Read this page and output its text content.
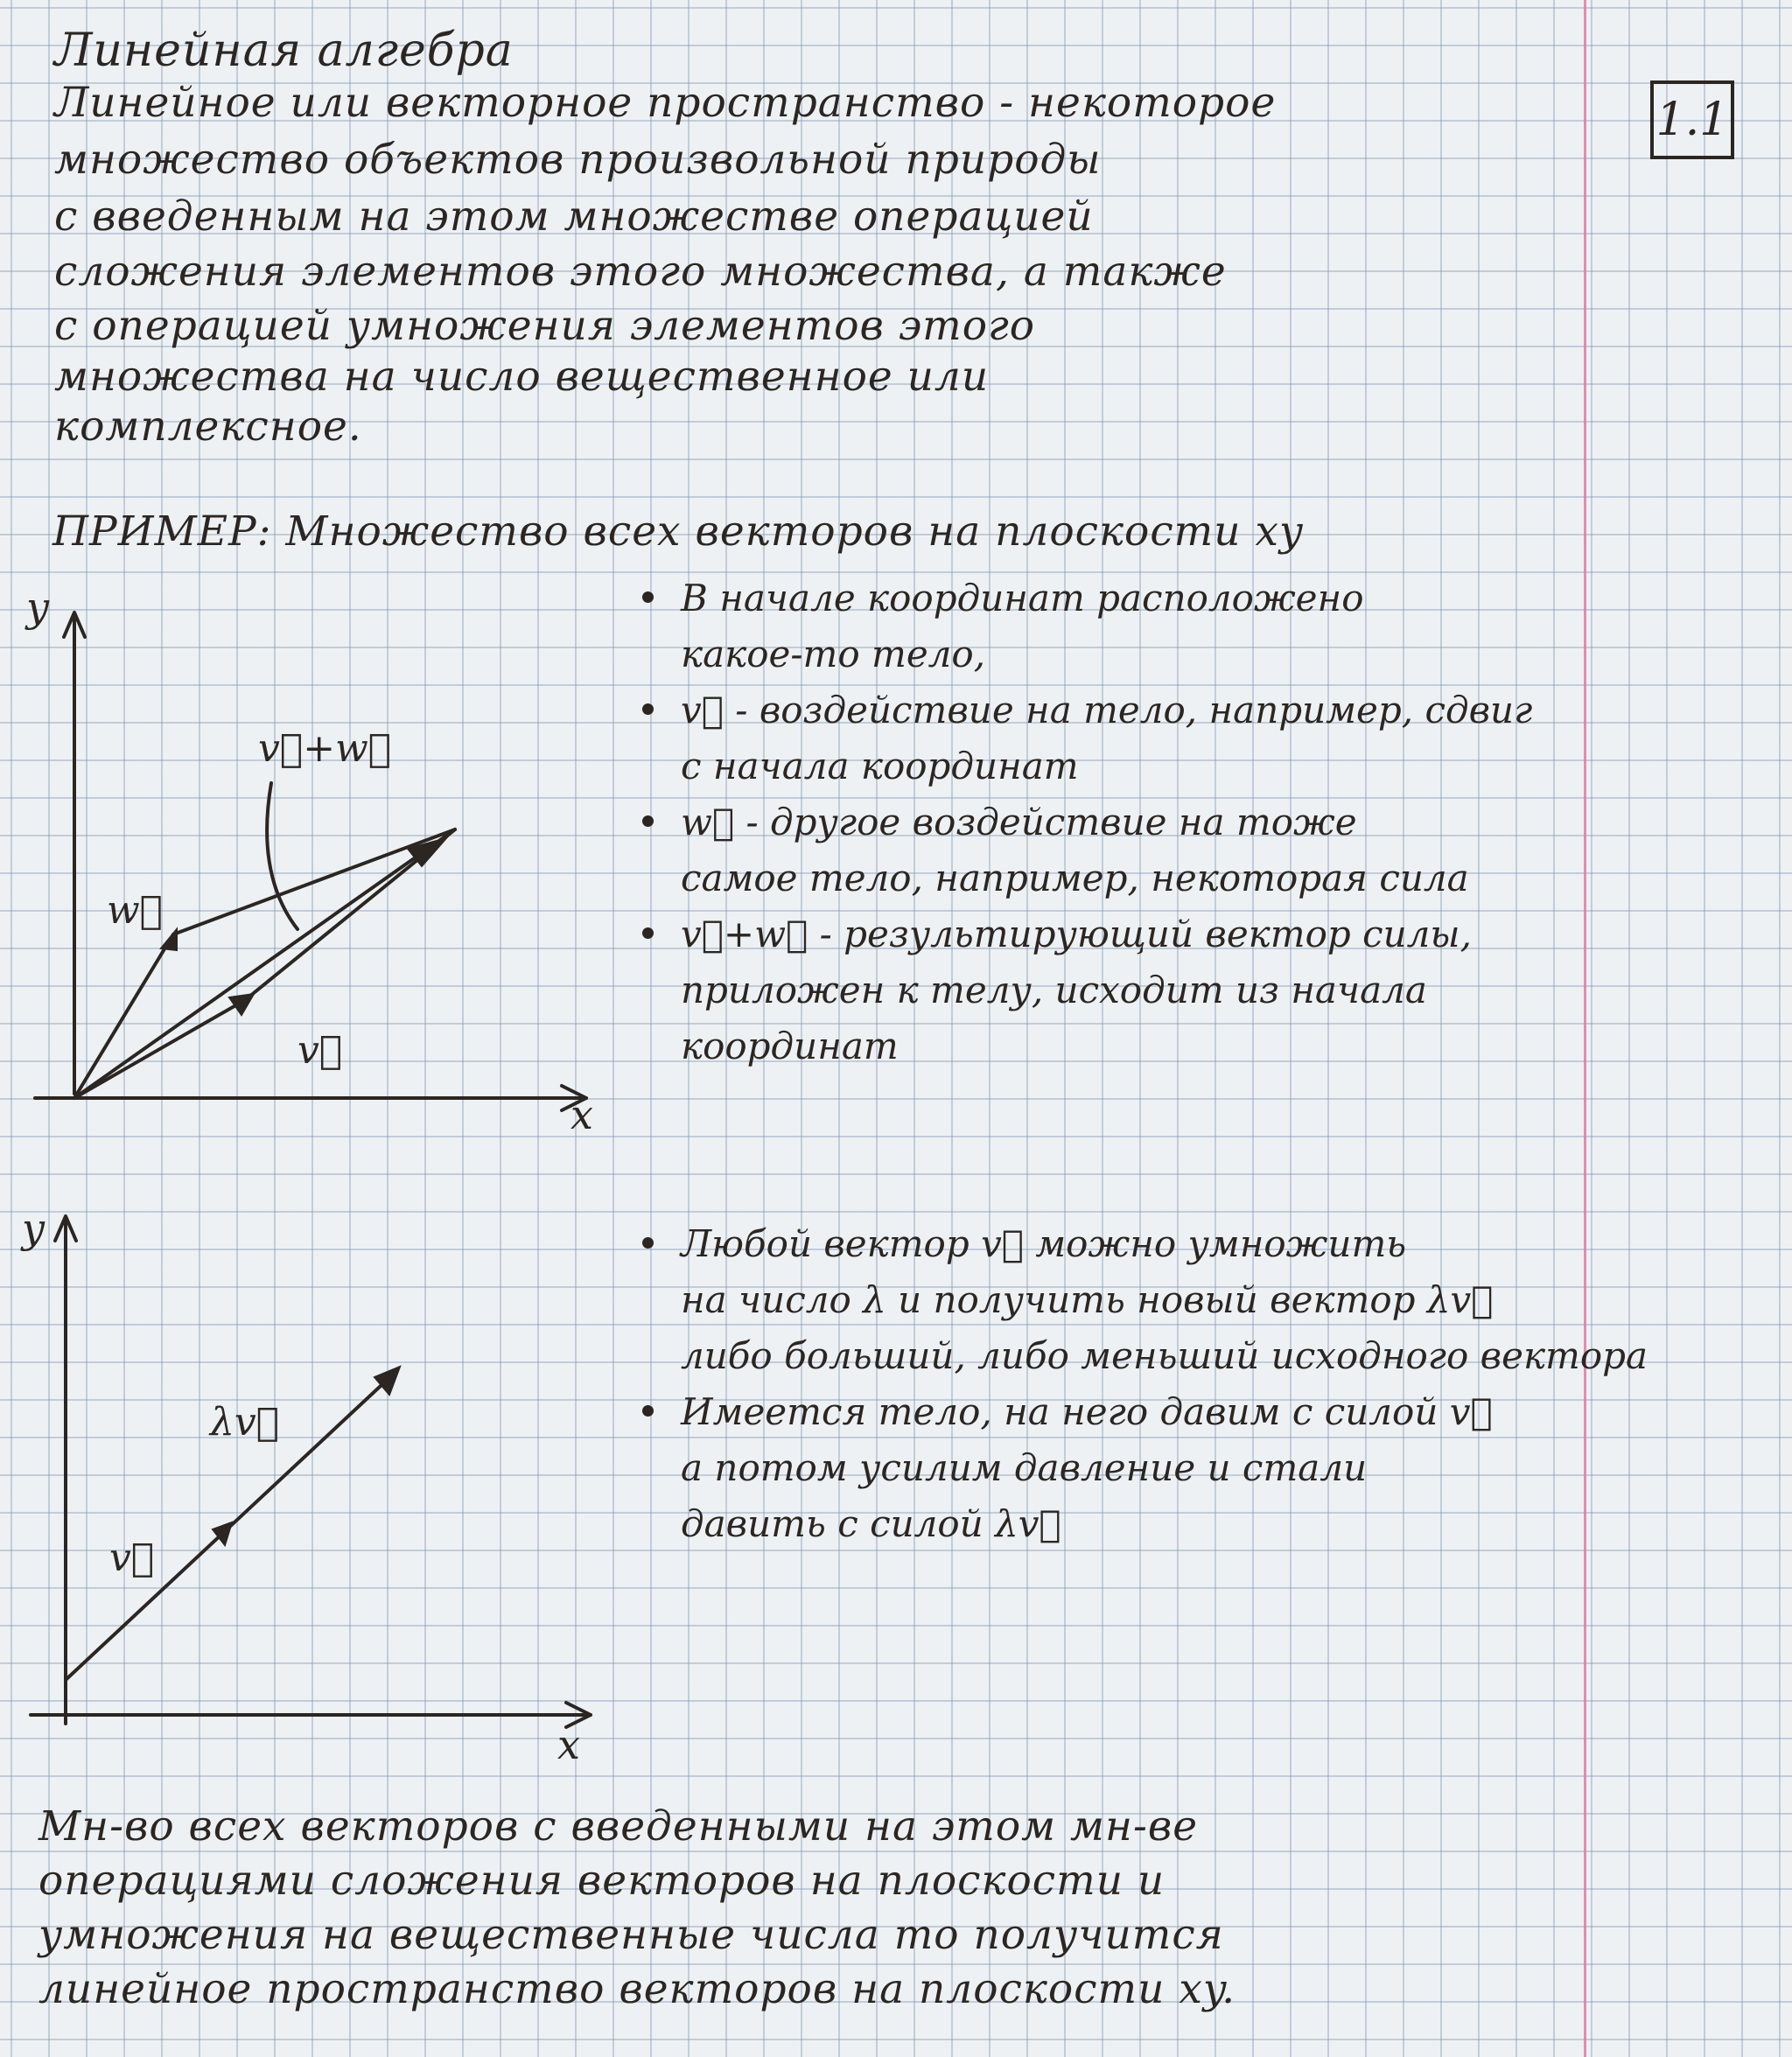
Линейная алгебра
1.1
Линейное или векторное пространство - некоторое
множество объектов произвольной природы
с введенным на этом множестве операцией
сложения элементов этого множества, а также
с операцией умножения элементов этого
множества на число вещественное или
комплексное.
ПРИМЕР: Множество всех векторов на плоскости xy
y
x
v⃗+w⃗
w⃗
v⃗
В начале координат расположено
какое-то тело,
v⃗ - воздействие на тело, например, сдвиг
с начала координат
w⃗ - другое воздействие на тоже
самое тело, например, некоторая сила
v⃗+w⃗ - результирующий вектор силы,
приложен к телу, исходит из начала
координат
y
x
λv⃗
v⃗
Любой вектор v⃗ можно умножить
на число λ и получить новый вектор λv⃗
либо больший, либо меньший исходного вектора
Имеется тело, на него давим с силой v⃗
а потом усилим давление и стали
давить с силой λv⃗
Мн-во всех векторов с введенными на этом мн-ве
операциями сложения векторов на плоскости и
умножения на вещественные числа то получится
линейное пространство векторов на плоскости xy.
